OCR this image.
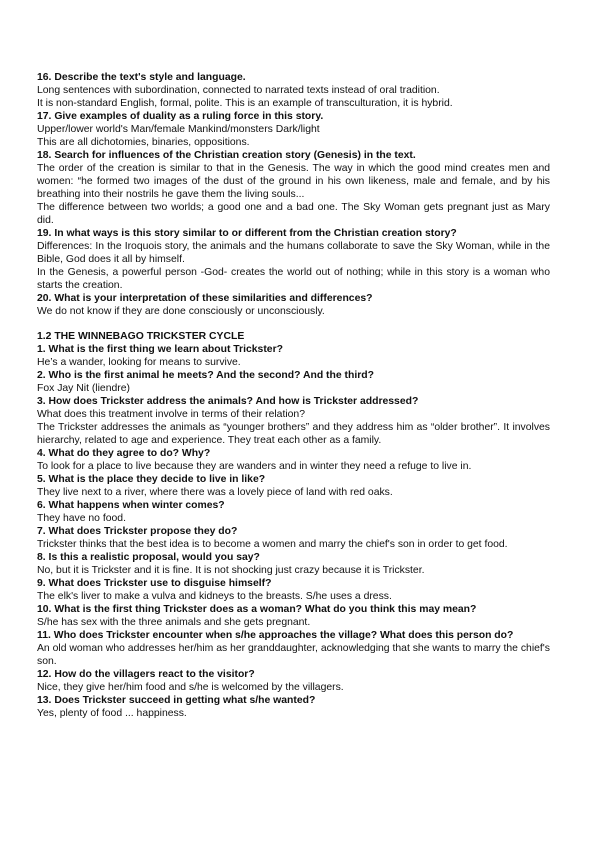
16. Describe the text's style and language.

Long sentences with subordination, connected to narrated texts instead of oral tradition.

It is non-standard English, formal, polite. This is an example of transculturation, it is hybrid.

17. Give examples of duality as a ruling force in this story.

Upper/lower world's Man/female Mankind/monsters Dark/light

This are all dichotomies, binaries, oppositions.

18. Search for influences of the Christian creation story (Genesis) in the text.

The order of the creation is similar to that in the Genesis. The way in which the good mind creates men and women: “he formed two images of the dust of the ground in his own likeness, male and female, and by his breathing into their nostrils he gave them the living souls...

The difference between two worlds; a good one and a bad one. The Sky Woman gets pregnant just as Mary did.

19. In what ways is this story similar to or different from the Christian creation story?

Differences: In the Iroquois story, the animals and the humans collaborate to save the Sky Woman, while in the Bible, God does it all by himself.

In the Genesis, a powerful person -God- creates the world out of nothing; while in this story is a woman who starts the creation.

20. What is your interpretation of these similarities and differences?

We do not know if they are done consciously or unconsciously.

1.2 THE WINNEBAGO TRICKSTER CYCLE

1. What is the first thing we learn about Trickster?

He’s a wander, looking for means to survive.

2. Who is the first animal he meets? And the second? And the third?

Fox Jay Nit (liendre)

3. How does Trickster address the animals? And how is Trickster addressed?

What does this treatment involve in terms of their relation?

The Trickster addresses the animals as “younger brothers” and they address him as “older brother”. It involves hierarchy, related to age and experience. They treat each other as a family.

4. What do they agree to do? Why?

To look for a place to live because they are wanders and in winter they need a refuge to live in.

5. What is the place they decide to live in like?

They live next to a river, where there was a lovely piece of land with red oaks.

6. What happens when winter comes?

They have no food.

7. What does Trickster propose they do?

Trickster thinks that the best idea is to become a women and marry the chief's son in order to get food.

8. Is this a realistic proposal, would you say?

No, but it is Trickster and it is fine. It is not shocking just crazy because it is Trickster.

9. What does Trickster use to disguise himself?

The elk's liver to make a vulva and kidneys to the breasts. S/he uses a dress.

10. What is the first thing Trickster does as a woman? What do you think this may mean?

S/he has sex with the three animals and she gets pregnant.

11. Who does Trickster encounter when s/he approaches the village? What does this person do?

An old woman who addresses her/him as her granddaughter, acknowledging that she wants to marry the chief's son.

12. How do the villagers react to the visitor?

Nice, they give her/him food and s/he is welcomed by the villagers.

13. Does Trickster succeed in getting what s/he wanted?

Yes, plenty of food ... happiness.
